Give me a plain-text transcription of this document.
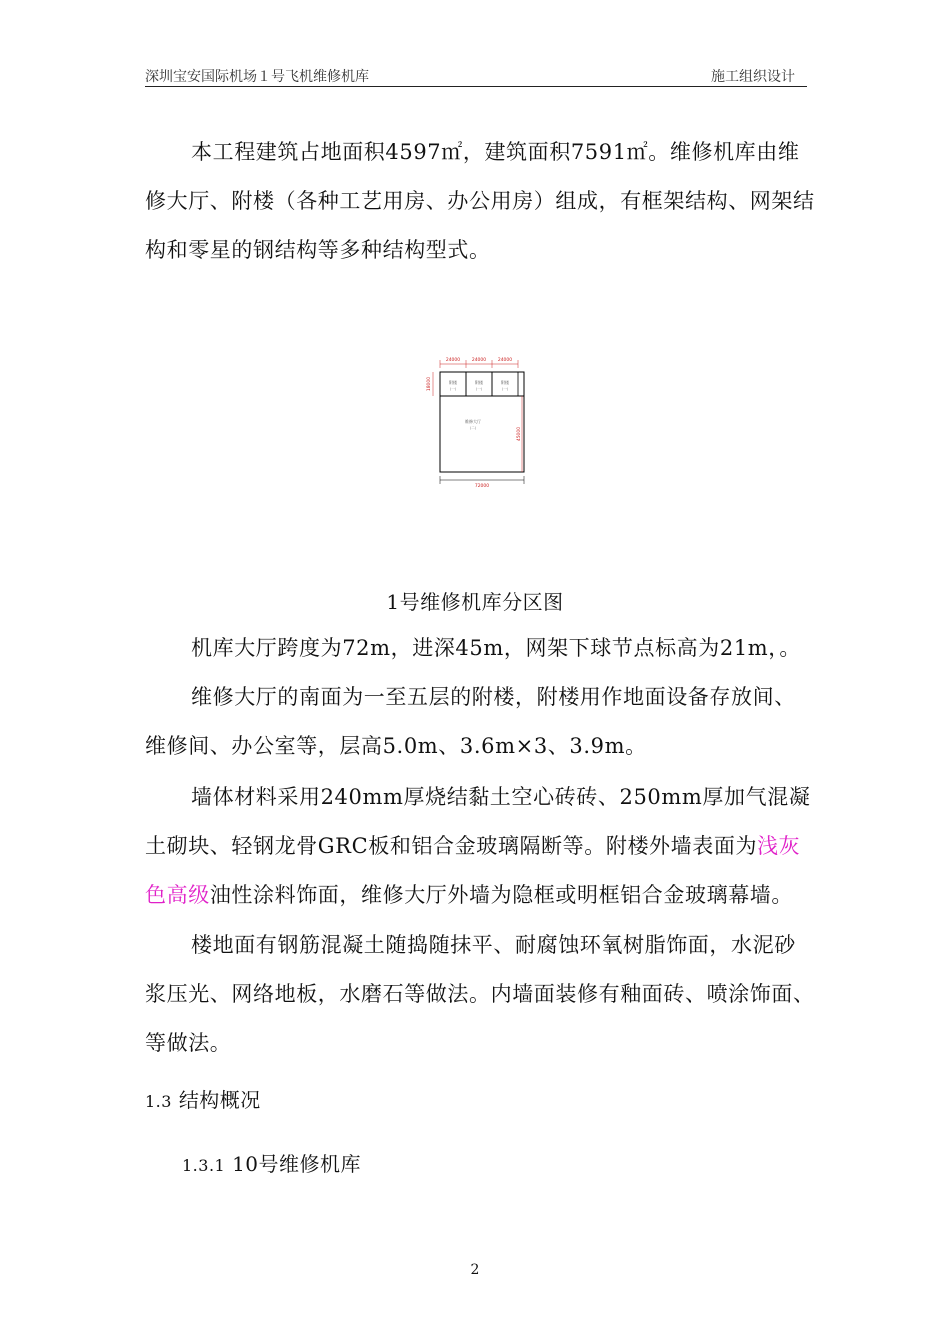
深圳宝安国际机场１号飞机维修机库	施工组织设计

本工程建筑占地面积4597㎡，建筑面积7591㎡。维修机库由维修大厅、附楼（各种工艺用房、办公用房）组成，有框架结构、网架结构和零星的钢结构等多种结构型式。

24000	24000	24000
18000	附楼
(一)
附楼
(一)
附楼
(一)
维修大厅
(二)	45000
72000
1号维修机库分区图

机库大厅跨度为72m，进深45m，网架下球节点标高为21m，。

维修大厅的南面为一至五层的附楼，附楼用作地面设备存放间、维修间、办公室等，层高5.0m、3.6m×3、3.9m。

墙体材料采用240mm厚烧结黏土空心砖砖、250mm厚加气混凝土砌块、轻钢龙骨GRC板和铝合金玻璃隔断等。附楼外墙表面为浅灰色高级油性涂料饰面，维修大厅外墙为隐框或明框铝合金玻璃幕墙。

楼地面有钢筋混凝土随捣随抹平、耐腐蚀环氧树脂饰面，水泥砂浆压光、网络地板，水磨石等做法。内墙面装修有釉面砖、喷涂饰面、等做法。

1.3 结构概况
1.3.1 10号维修机库
2
